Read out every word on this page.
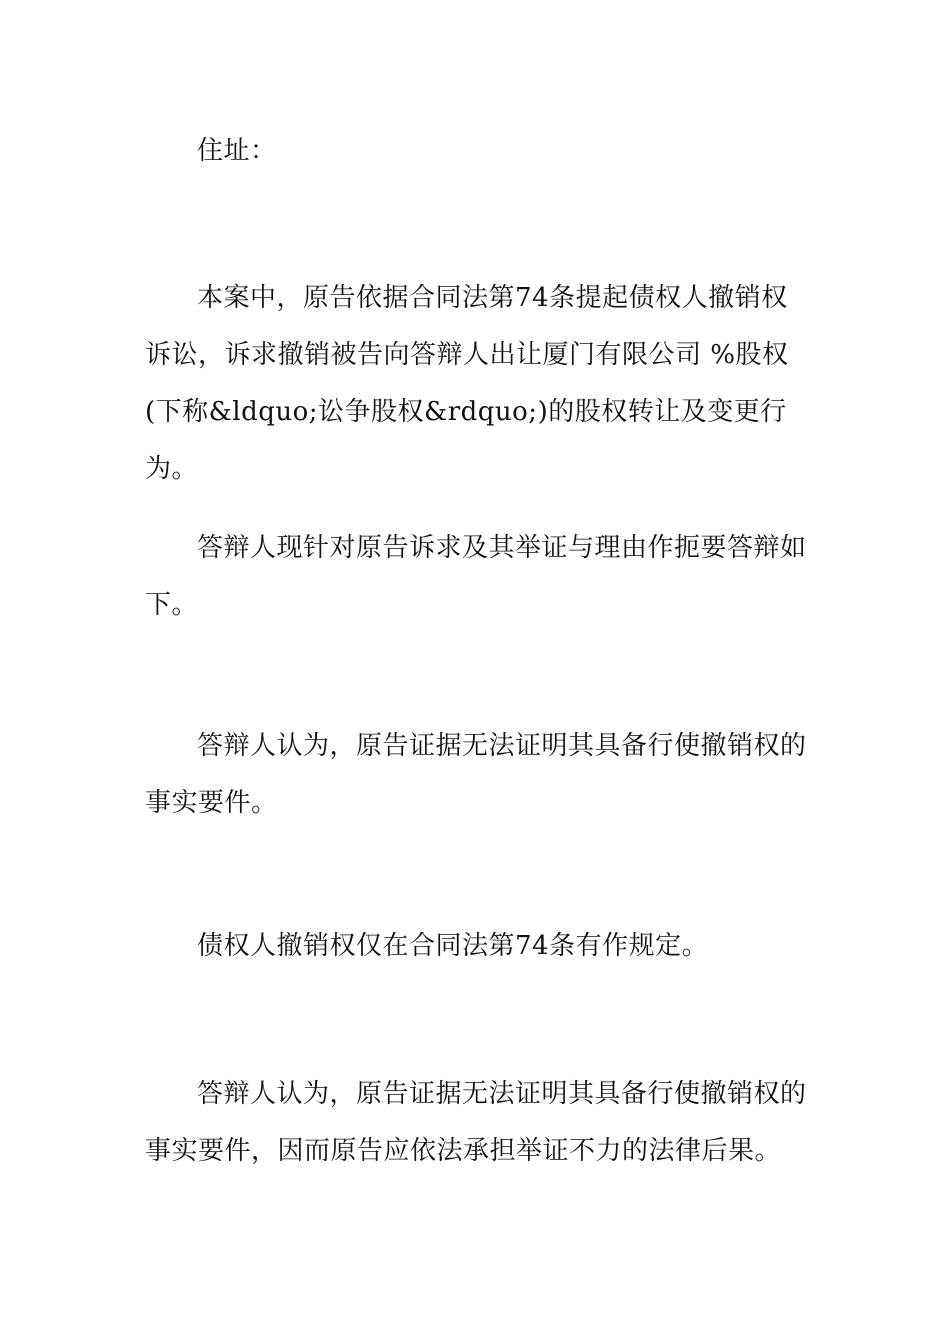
住址：

本案中，原告依据合同法第74条提起债权人撤销权诉讼，诉求撤销被告向答辩人出让厦门有限公司 %股权(下称&ldquo;讼争股权&rdquo;)的股权转让及变更行为。

答辩人现针对原告诉求及其举证与理由作扼要答辩如下。

答辩人认为，原告证据无法证明其具备行使撤销权的事实要件。

债权人撤销权仅在合同法第74条有作规定。

答辩人认为，原告证据无法证明其具备行使撤销权的事实要件，因而原告应依法承担举证不力的法律后果。
